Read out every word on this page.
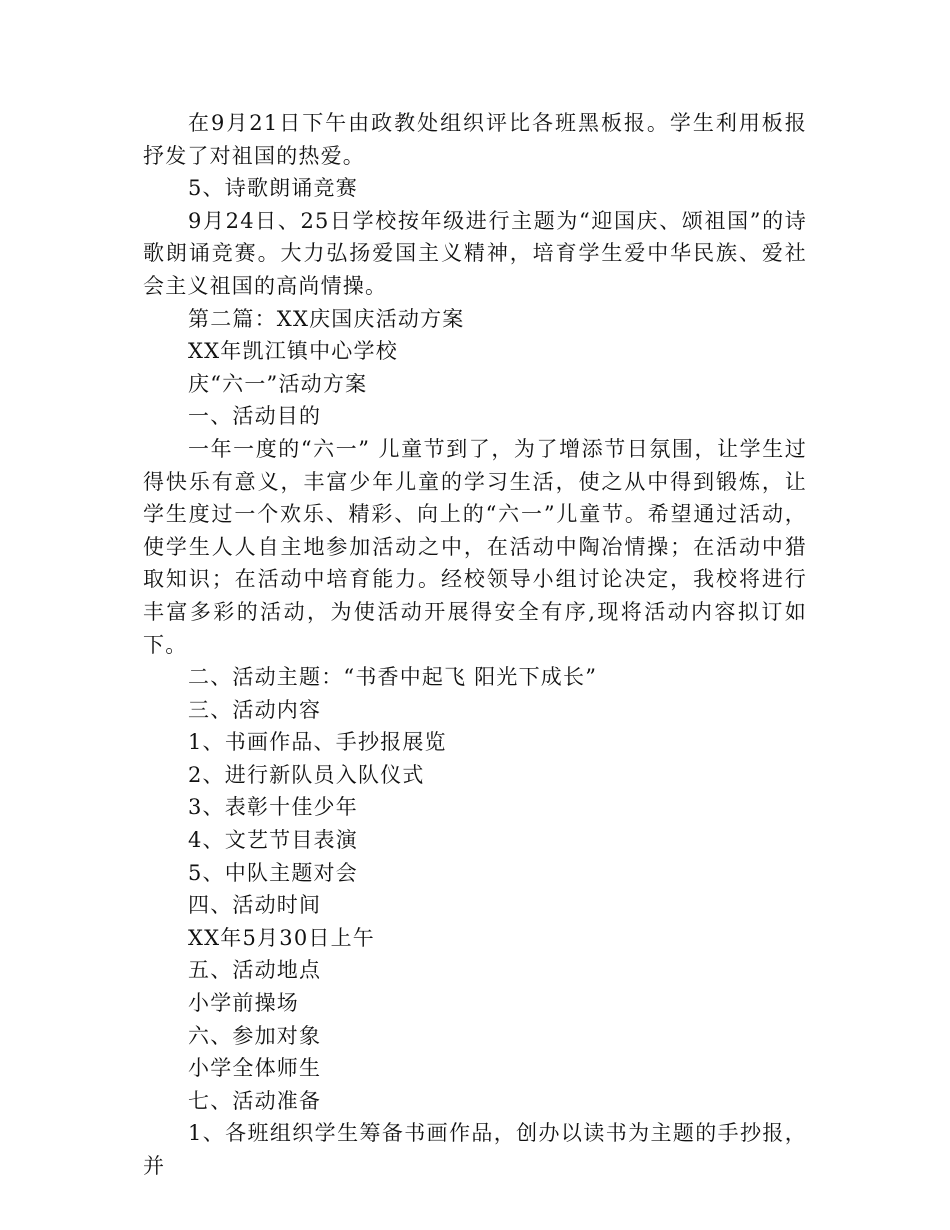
在9月21日下午由政教处组织评比各班黑板报。学生利用板报抒发了对祖国的热爱。

5、诗歌朗诵竞赛

9月24日、25日学校按年级进行主题为“迎国庆、颂祖国”的诗歌朗诵竞赛。大力弘扬爱国主义精神，培育学生爱中华民族、爱社会主义祖国的高尚情操。

第二篇：XX庆国庆活动方案

XX年凯江镇中心学校

庆“六一”活动方案

一、活动目的

一年一度的“六一” 儿童节到了，为了增添节日氛围，让学生过得快乐有意义，丰富少年儿童的学习生活，使之从中得到锻炼，让学生度过一个欢乐、精彩、向上的“六一”儿童节。希望通过活动，使学生人人自主地参加活动之中，在活动中陶冶情操；在活动中猎取知识；在活动中培育能力。经校领导小组讨论决定，我校将进行丰富多彩的活动，为使活动开展得安全有序,现将活动内容拟订如下。

二、活动主题：“书香中起飞 阳光下成长”

三、活动内容

1、书画作品、手抄报展览

2、进行新队员入队仪式

3、表彰十佳少年

4、文艺节目表演

5、中队主题对会

四、活动时间

XX年5月30日上午

五、活动地点

小学前操场

六、参加对象

小学全体师生

七、活动准备

1、各班组织学生筹备书画作品，创办以读书为主题的手抄报，并
